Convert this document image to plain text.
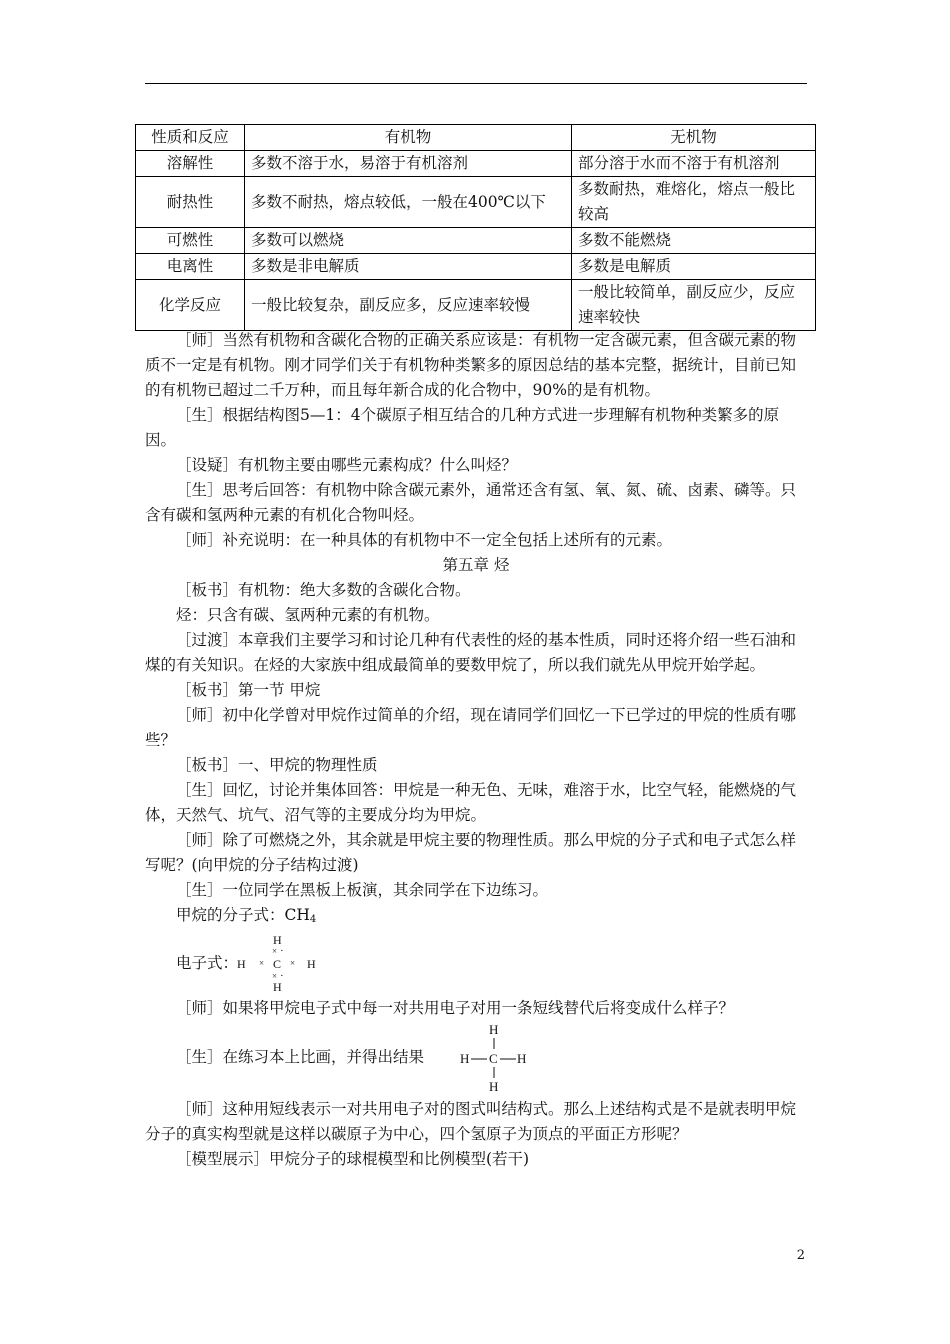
性质和反应	有机物	无机物
溶解性	多数不溶于水，易溶于有机溶剂	部分溶于水而不溶于有机溶剂
耐热性	多数不耐热，熔点较低，一般在400℃以下	多数耐热，难熔化，熔点一般比较高
可燃性	多数可以燃烧	多数不能燃烧
电离性	多数是非电解质	多数是电解质
化学反应	一般比较复杂，副反应多，反应速率较慢	一般比较简单，副反应少，反应速率较快

［师］当然有机物和含碳化合物的正确关系应该是：有机物一定含碳元素，但含碳元素的物质不一定是有机物。刚才同学们关于有机物种类繁多的原因总结的基本完整，据统计，目前已知的有机物已超过二千万种，而且每年新合成的化合物中，90%的是有机物。

［生］根据结构图5—1：4个碳原子相互结合的几种方式进一步理解有机物种类繁多的原因。

［设疑］有机物主要由哪些元素构成？什么叫烃？

［生］思考后回答：有机物中除含碳元素外，通常还含有氢、氧、氮、硫、卤素、磷等。只含有碳和氢两种元素的有机化合物叫烃。

［师］补充说明：在一种具体的有机物中不一定全包括上述所有的元素。

第五章 烃

［板书］有机物：绝大多数的含碳化合物。

烃：只含有碳、氢两种元素的有机物。

［过渡］本章我们主要学习和讨论几种有代表性的烃的基本性质，同时还将介绍一些石油和煤的有关知识。在烃的大家族中组成最简单的要数甲烷了，所以我们就先从甲烷开始学起。

［板书］第一节 甲烷

［师］初中化学曾对甲烷作过简单的介绍，现在请同学们回忆一下已学过的甲烷的性质有哪些？

［板书］一、甲烷的物理性质

［生］回忆，讨论并集体回答：甲烷是一种无色、无味，难溶于水，比空气轻，能燃烧的气体，天然气、坑气、沼气等的主要成分均为甲烷。

［师］除了可燃烧之外，其余就是甲烷主要的物理性质。那么甲烷的分子式和电子式怎么样写呢？(向甲烷的分子结构过渡)

［生］一位同学在黑板上板演，其余同学在下边练习。

甲烷的分子式：$CH_4$

电子式：
H
× ·
H × C × H
× ·
H

［师］如果将甲烷电子式中每一对共用电子对用一条短线替代后将变成什么样子？

［生］在练习本上比画，并得出结果
H
H C H
H

［师］这种用短线表示一对共用电子对的图式叫结构式。那么上述结构式是不是就表明甲烷分子的真实构型就是这样以碳原子为中心，四个氢原子为顶点的平面正方形呢？

［模型展示］甲烷分子的球棍模型和比例模型(若干)

2
